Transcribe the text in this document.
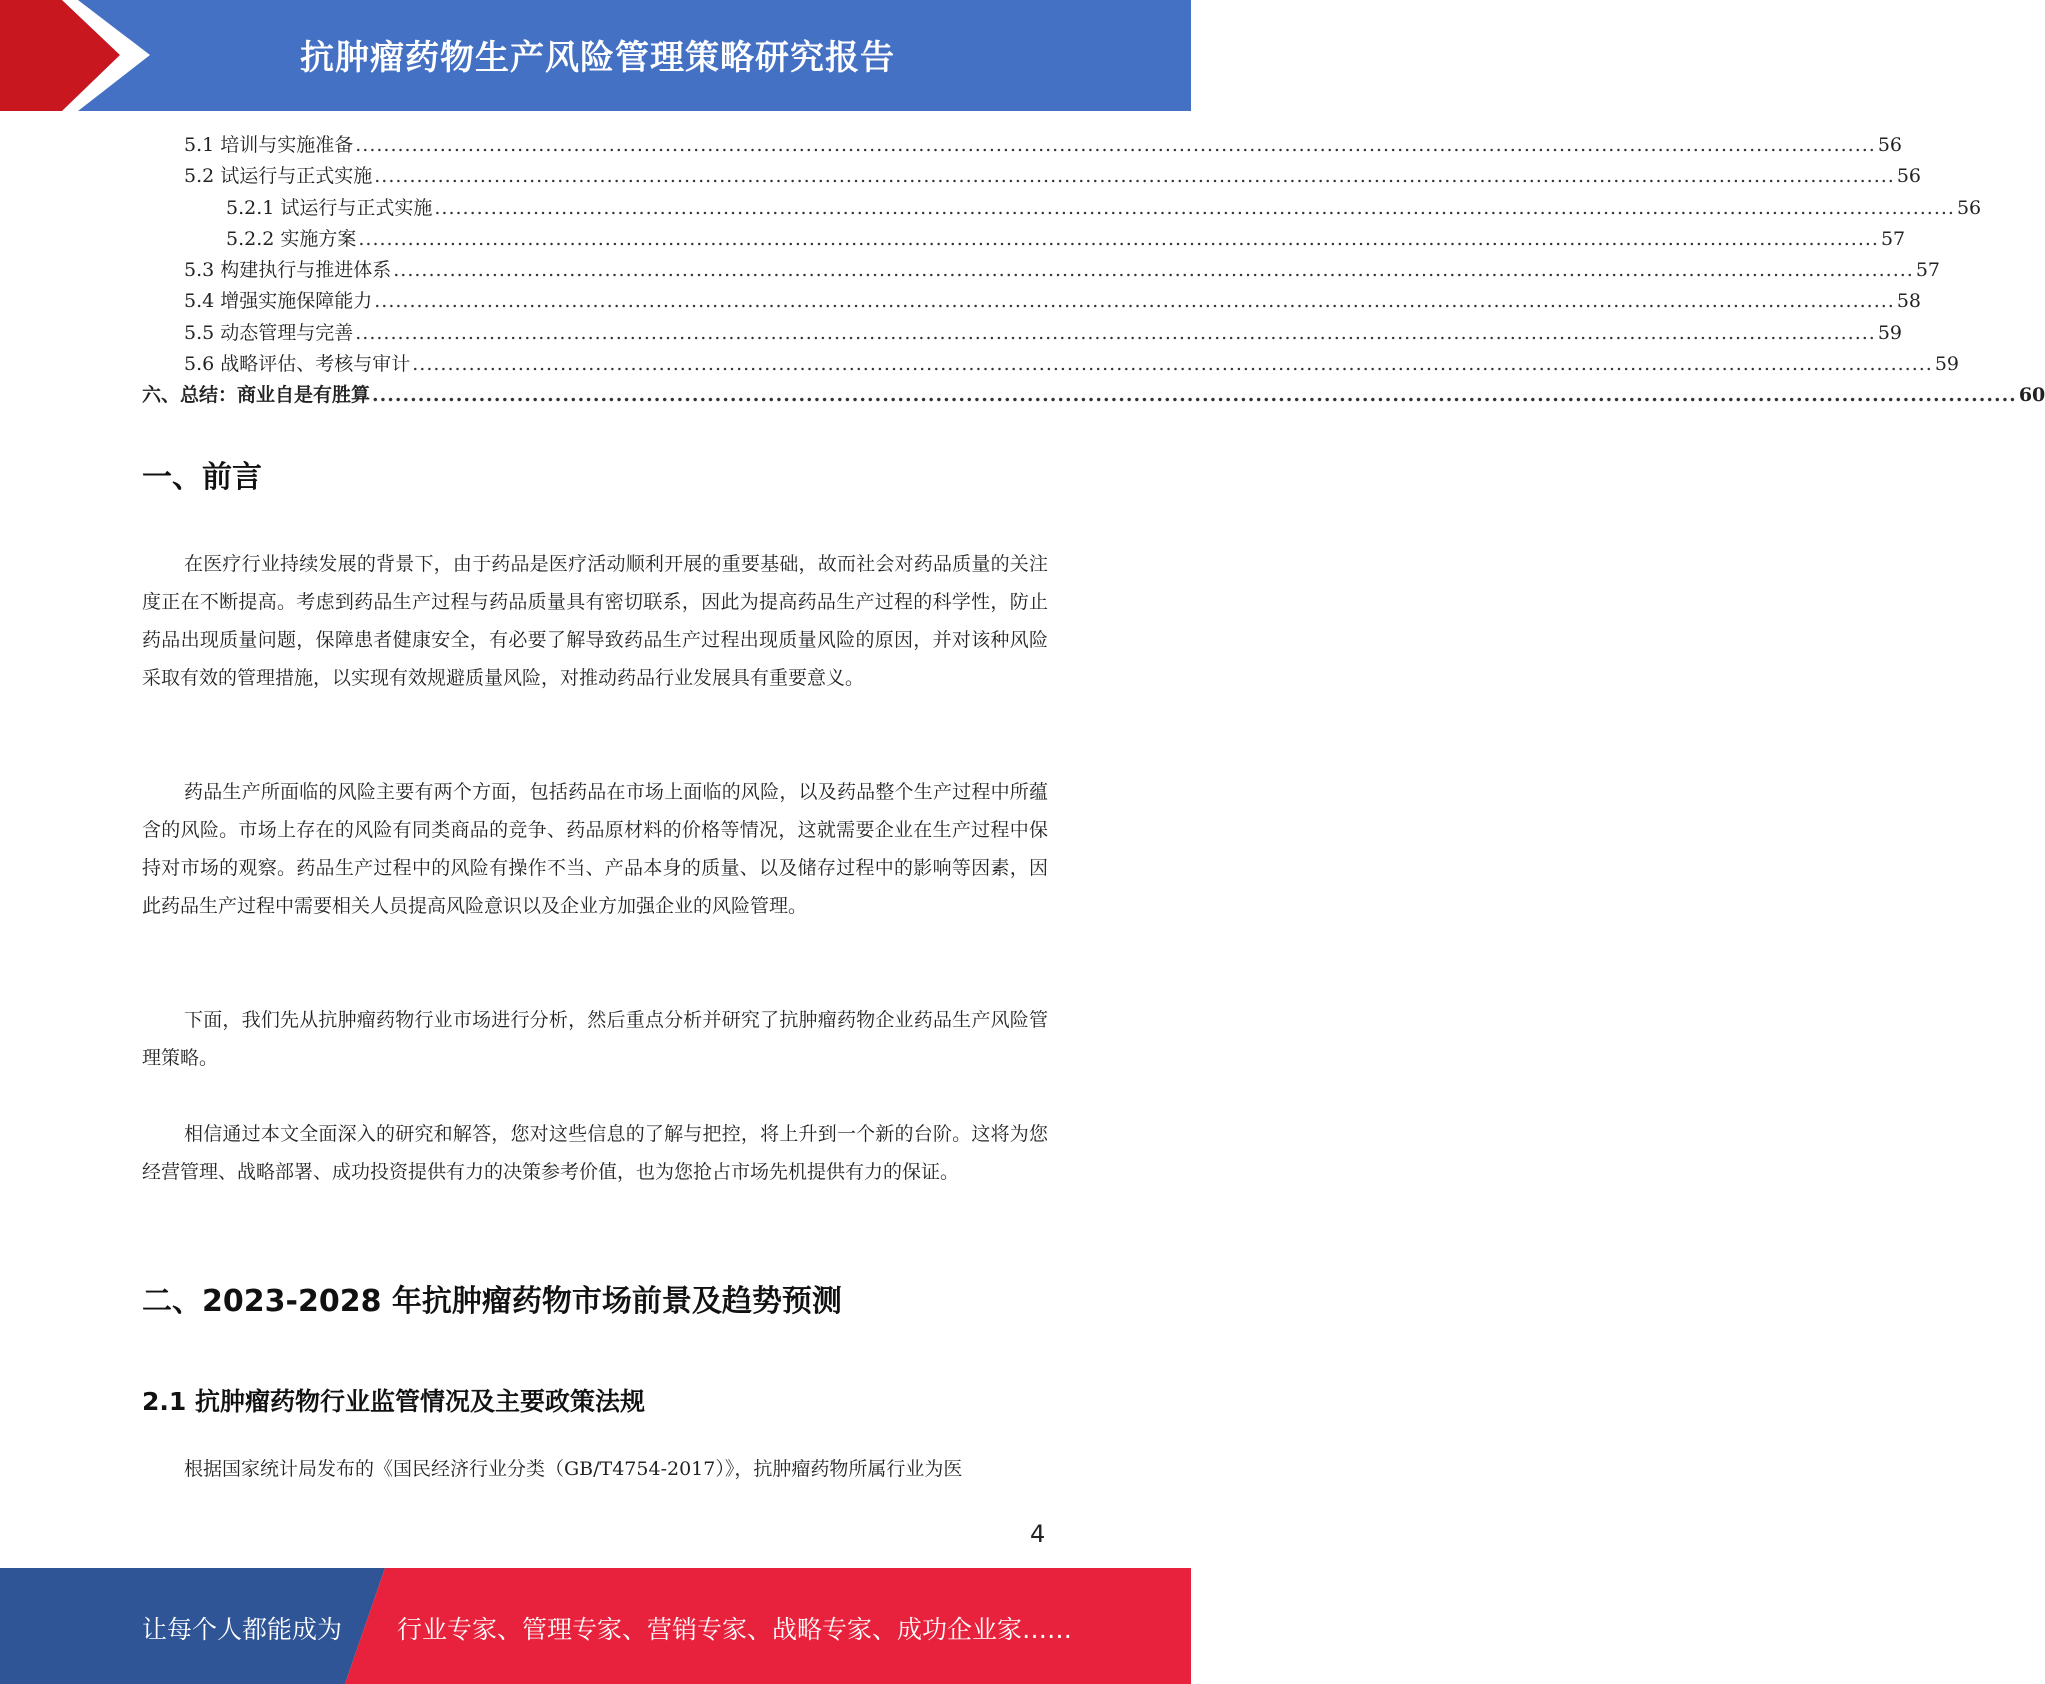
抗肿瘤药物生产风险管理策略研究报告
5.1 培训与实施准备 ........................................................................................................................................................................................................................ 56
5.2 试运行与正式实施 ........................................................................................................................................................................................................................ 56
5.2.1 试运行与正式实施 ........................................................................................................................................................................................................................ 56
5.2.2 实施方案 ........................................................................................................................................................................................................................ 57
5.3 构建执行与推进体系 ........................................................................................................................................................................................................................ 57
5.4 增强实施保障能力 ........................................................................................................................................................................................................................ 58
5.5 动态管理与完善 ........................................................................................................................................................................................................................ 59
5.6 战略评估、考核与审计 ........................................................................................................................................................................................................................ 59
六、总结：商业自是有胜算 ........................................................................................................................................................................................................................ 60
一、前言

在医疗行业持续发展的背景下，由于药品是医疗活动顺利开展的重要基础，故而社会对药品质量的关注度正在不断提高。考虑到药品生产过程与药品质量具有密切联系，因此为提高药品生产过程的科学性，防止药品出现质量问题，保障患者健康安全，有必要了解导致药品生产过程出现质量风险的原因，并对该种风险采取有效的管理措施，以实现有效规避质量风险，对推动药品行业发展具有重要意义。

药品生产所面临的风险主要有两个方面，包括药品在市场上面临的风险，以及药品整个生产过程中所蕴含的风险。市场上存在的风险有同类商品的竞争、药品原材料的价格等情况，这就需要企业在生产过程中保持对市场的观察。药品生产过程中的风险有操作不当、产品本身的质量、以及储存过程中的影响等因素，因此药品生产过程中需要相关人员提高风险意识以及企业方加强企业的风险管理。

下面，我们先从抗肿瘤药物行业市场进行分析，然后重点分析并研究了抗肿瘤药物企业药品生产风险管理策略。

相信通过本文全面深入的研究和解答，您对这些信息的了解与把控，将上升到一个新的台阶。这将为您经营管理、战略部署、成功投资提供有力的决策参考价值，也为您抢占市场先机提供有力的保证。

二、2023-2028 年抗肿瘤药物市场前景及趋势预测
2.1 抗肿瘤药物行业监管情况及主要政策法规

根据国家统计局发布的《国民经济行业分类（GB/T4754-2017）》，抗肿瘤药物所属行业为医

4
让每个人都能成为 行业专家、管理专家、营销专家、战略专家、成功企业家……
